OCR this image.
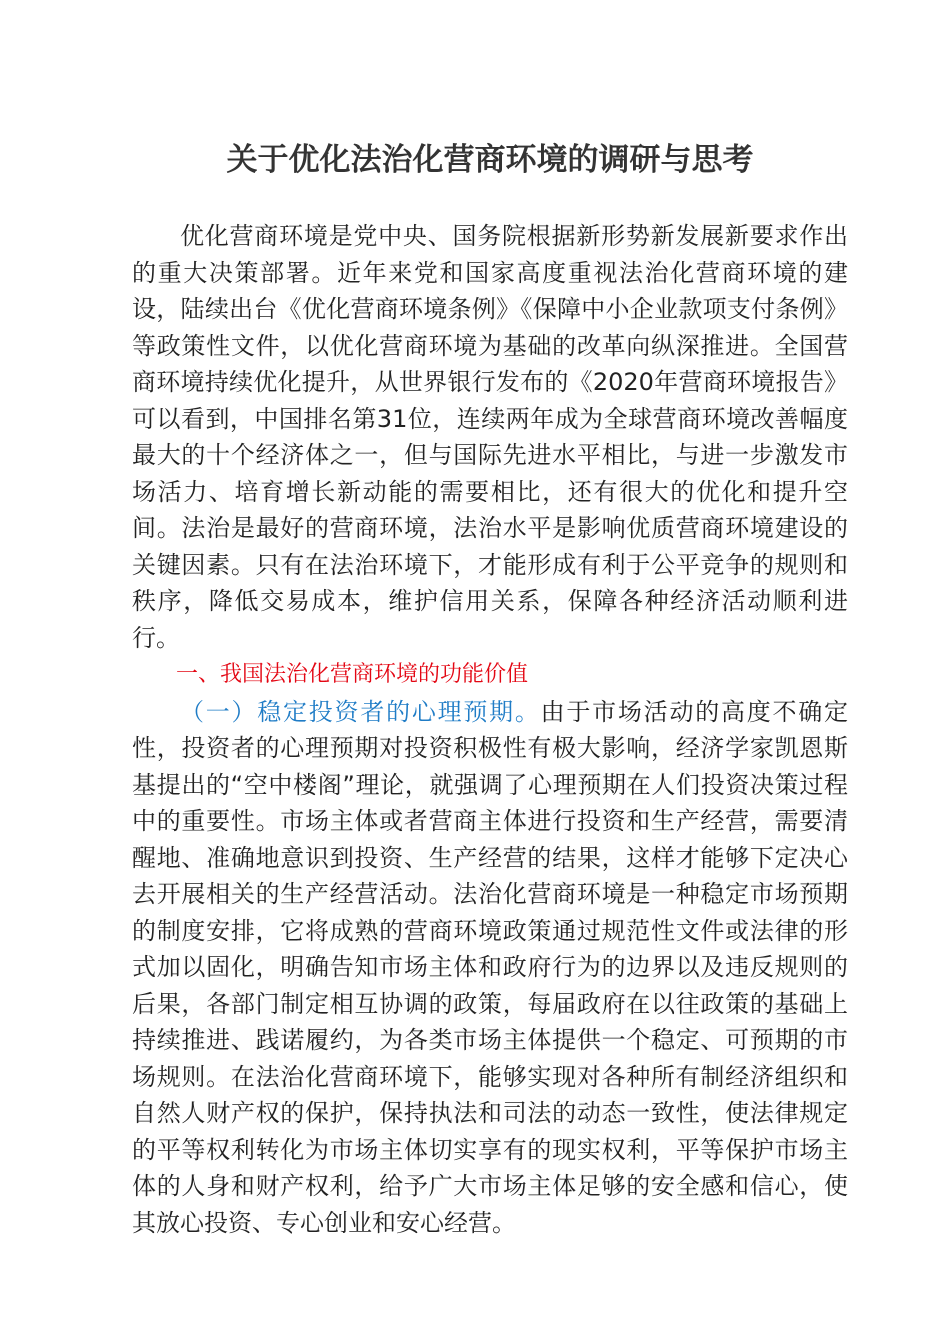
关于优化法治化营商环境的调研与思考

优化营商环境是党中央、国务院根据新形势新发展新要求作出的重大决策部署。近年来党和国家高度重视法治化营商环境的建设，陆续出台《优化营商环境条例》《保障中小企业款项支付条例》等政策性文件，以优化营商环境为基础的改革向纵深推进。全国营商环境持续优化提升，从世界银行发布的《2020年营商环境报告》可以看到，中国排名第31位，连续两年成为全球营商环境改善幅度最大的十个经济体之一，但与国际先进水平相比，与进一步激发市场活力、培育增长新动能的需要相比，还有很大的优化和提升空间。法治是最好的营商环境，法治水平是影响优质营商环境建设的关键因素。只有在法治环境下，才能形成有利于公平竞争的规则和秩序，降低交易成本，维护信用关系，保障各种经济活动顺利进行。

一、我国法治化营商环境的功能价值

（一）稳定投资者的心理预期。由于市场活动的高度不确定性，投资者的心理预期对投资积极性有极大影响，经济学家凯恩斯基提出的“空中楼阁”理论，就强调了心理预期在人们投资决策过程中的重要性。市场主体或者营商主体进行投资和生产经营，需要清醒地、准确地意识到投资、生产经营的结果，这样才能够下定决心去开展相关的生产经营活动。法治化营商环境是一种稳定市场预期的制度安排，它将成熟的营商环境政策通过规范性文件或法律的形式加以固化，明确告知市场主体和政府行为的边界以及违反规则的后果，各部门制定相互协调的政策，每届政府在以往政策的基础上持续推进、践诺履约，为各类市场主体提供一个稳定、可预期的市场规则。在法治化营商环境下，能够实现对各种所有制经济组织和自然人财产权的保护，保持执法和司法的动态一致性，使法律规定的平等权利转化为市场主体切实享有的现实权利，平等保护市场主体的人身和财产权利，给予广大市场主体足够的安全感和信心，使其放心投资、专心创业和安心经营。
